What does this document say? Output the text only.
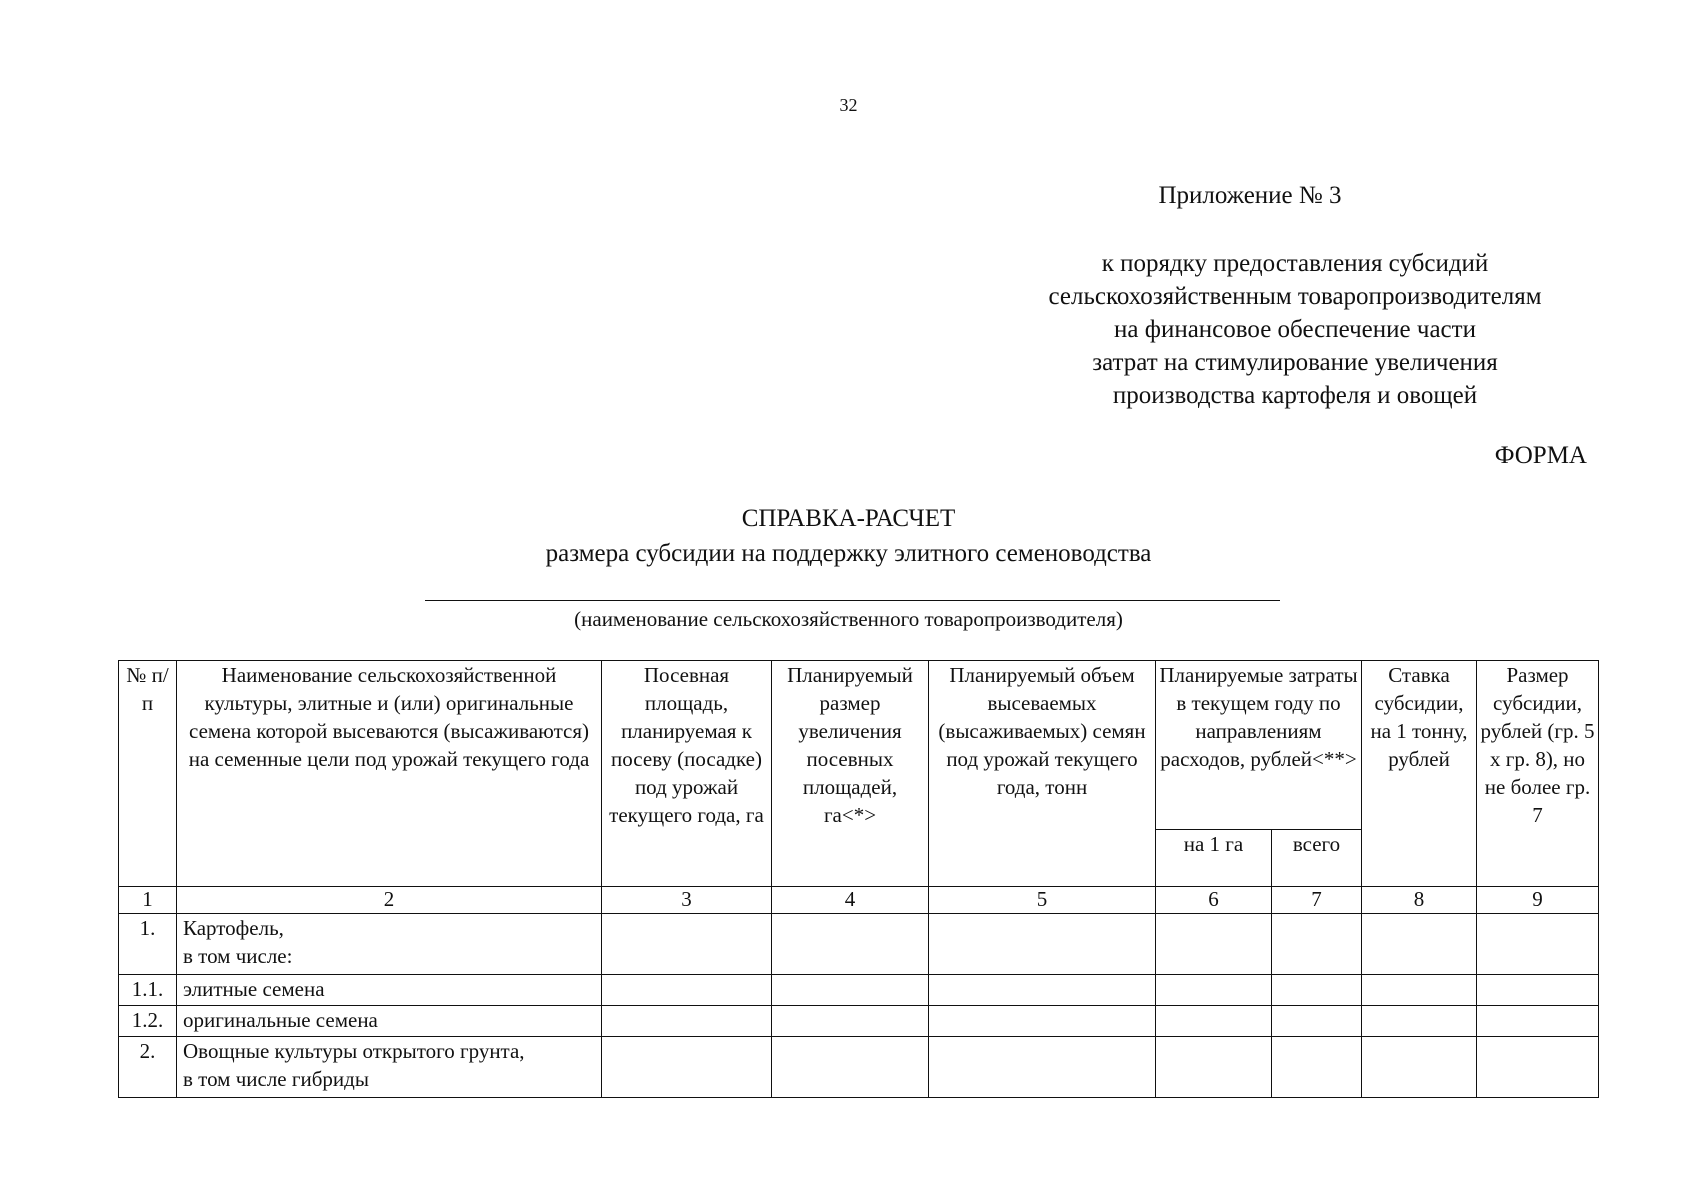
32
Приложение № 3
к порядку предоставления субсидий
сельскохозяйственным товаропроизводителям
на финансовое обеспечение части
затрат на стимулирование увеличения
производства картофеля и овощей
ФОРМА
СПРАВКА-РАСЧЕТ
размера субсидии на поддержку элитного семеноводства
(наименование сельскохозяйственного товаропроизводителя)
№ п/п	Наименование сельскохозяйственной культуры, элитные и (или) оригинальные семена которой высеваются (высаживаются) на семенные цели под урожай текущего года	Посевная площадь, планируемая к посеву (посадке) под урожай текущего года, га	Планируемый размер увеличения посевных площадей, га<*>	Планируемый объем высеваемых (высаживаемых) семян под урожай текущего года, тонн	Планируемые затраты в текущем году по направлениям расходов, рублей<**>		Ставка субсидии, на 1 тонну, рублей	Размер субсидии, рублей (гр. 5 х гр. 8), но не более гр. 7
					на 1 га	всего		
1	2	3	4	5	6	7	8	9
1.	Картофель,
в том числе:							

1.1.	элитные семена							
1.2.	оригинальные семена							
2.	Овощные культуры открытого грунта,
в том числе гибриды							
